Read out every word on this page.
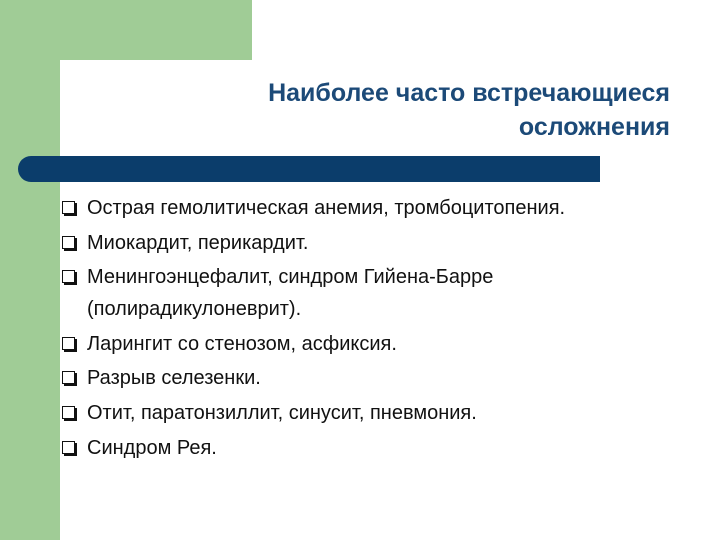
Наиболее часто встречающиеся
осложнения
Острая гемолитическая анемия, тромбоцитопения.
Миокардит, перикардит.
Менингоэнцефалит, синдром Гийена-Барре (полирадикулоневрит).
Ларингит со стенозом, асфиксия.
Разрыв селезенки.
Отит, паратонзиллит, синусит, пневмония.
Синдром Рея.
